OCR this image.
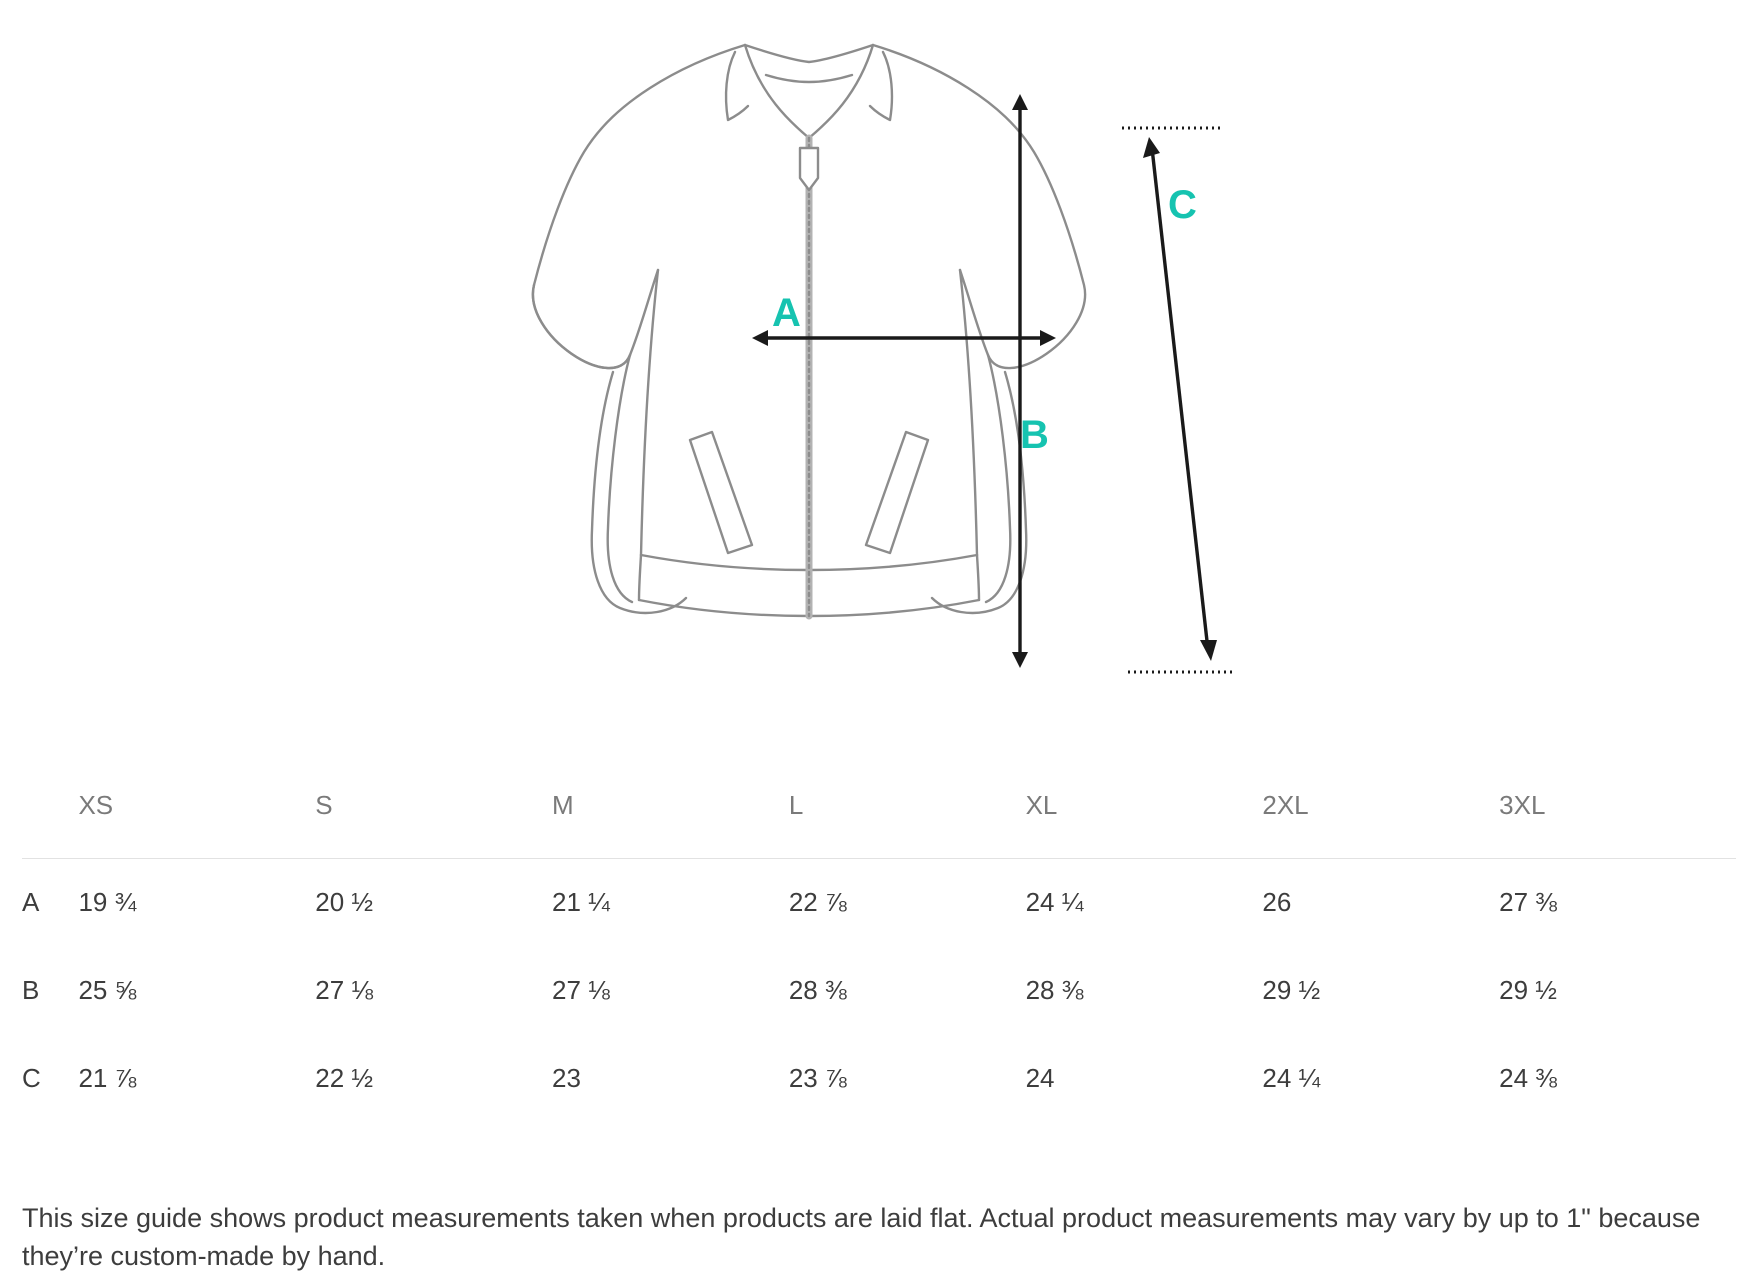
A
B
C
	XS	S	M	L	XL	2XL	3XL
A	19 ¾	20 ½	21 ¼	22 ⅞	24 ¼	26	27 ⅜
B	25 ⅝	27 ⅛	27 ⅛	28 ⅜	28 ⅜	29 ½	29 ½
C	21 ⅞	22 ½	23	23 ⅞	24	24 ¼	24 ⅜

This size guide shows product measurements taken when products are laid flat. Actual product measurements may vary by up to 1" because they’re custom-made by hand.
